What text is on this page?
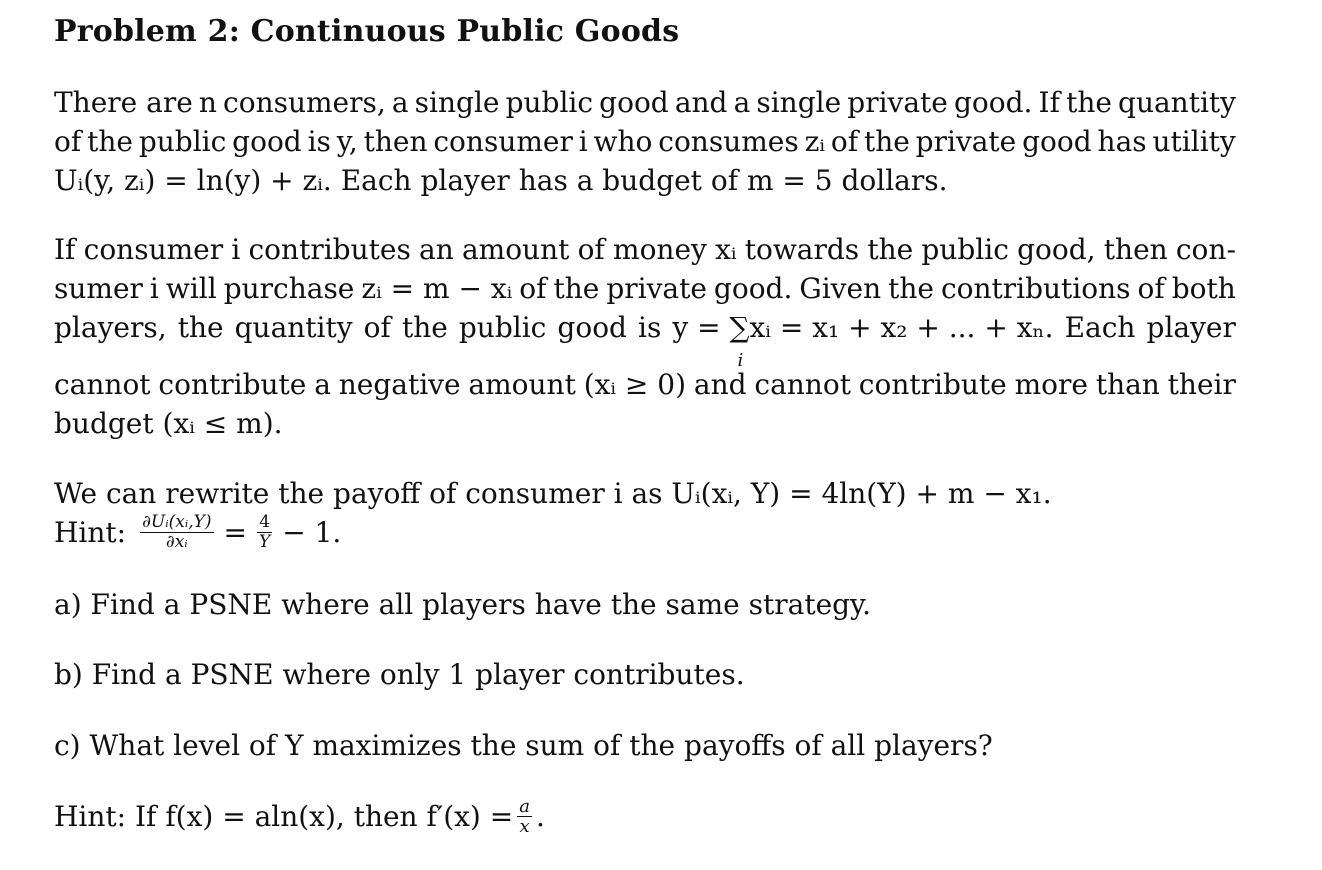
Problem 2: Continuous Public Goods
There are n consumers, a single public good and a single private good. If the quantity
of the public good is y, then consumer i who consumes zᵢ of the private good has utility
Uᵢ(y, zᵢ) = ln(y) + zᵢ. Each player has a budget of m = 5 dollars.
If consumer i contributes an amount of money xᵢ towards the public good, then con-
sumer i will purchase zᵢ = m − xᵢ of the private good. Given the contributions of both
players, the quantity of the public good is y = ∑
i
xᵢ = x₁ + x₂ + ... + xₙ. Each player
cannot contribute a negative amount (xᵢ ≥ 0) and cannot contribute more than their
budget (xᵢ ≤ m).
We can rewrite the payoff of consumer i as Uᵢ(xᵢ, Y) = 4ln(Y) + m − x₁.
Hint: $\frac{\text{∂Uᵢ(xᵢ,Y)}}{\text{∂xᵢ}} = \frac{4}{Y} - 1$.
a) Find a PSNE where all players have the same strategy.
b) Find a PSNE where only 1 player contributes.
c) What level of Y maximizes the sum of the payoffs of all players?
Hint: If f(x) = aln(x), then $f'(x) = \frac{a}{x}$ .
